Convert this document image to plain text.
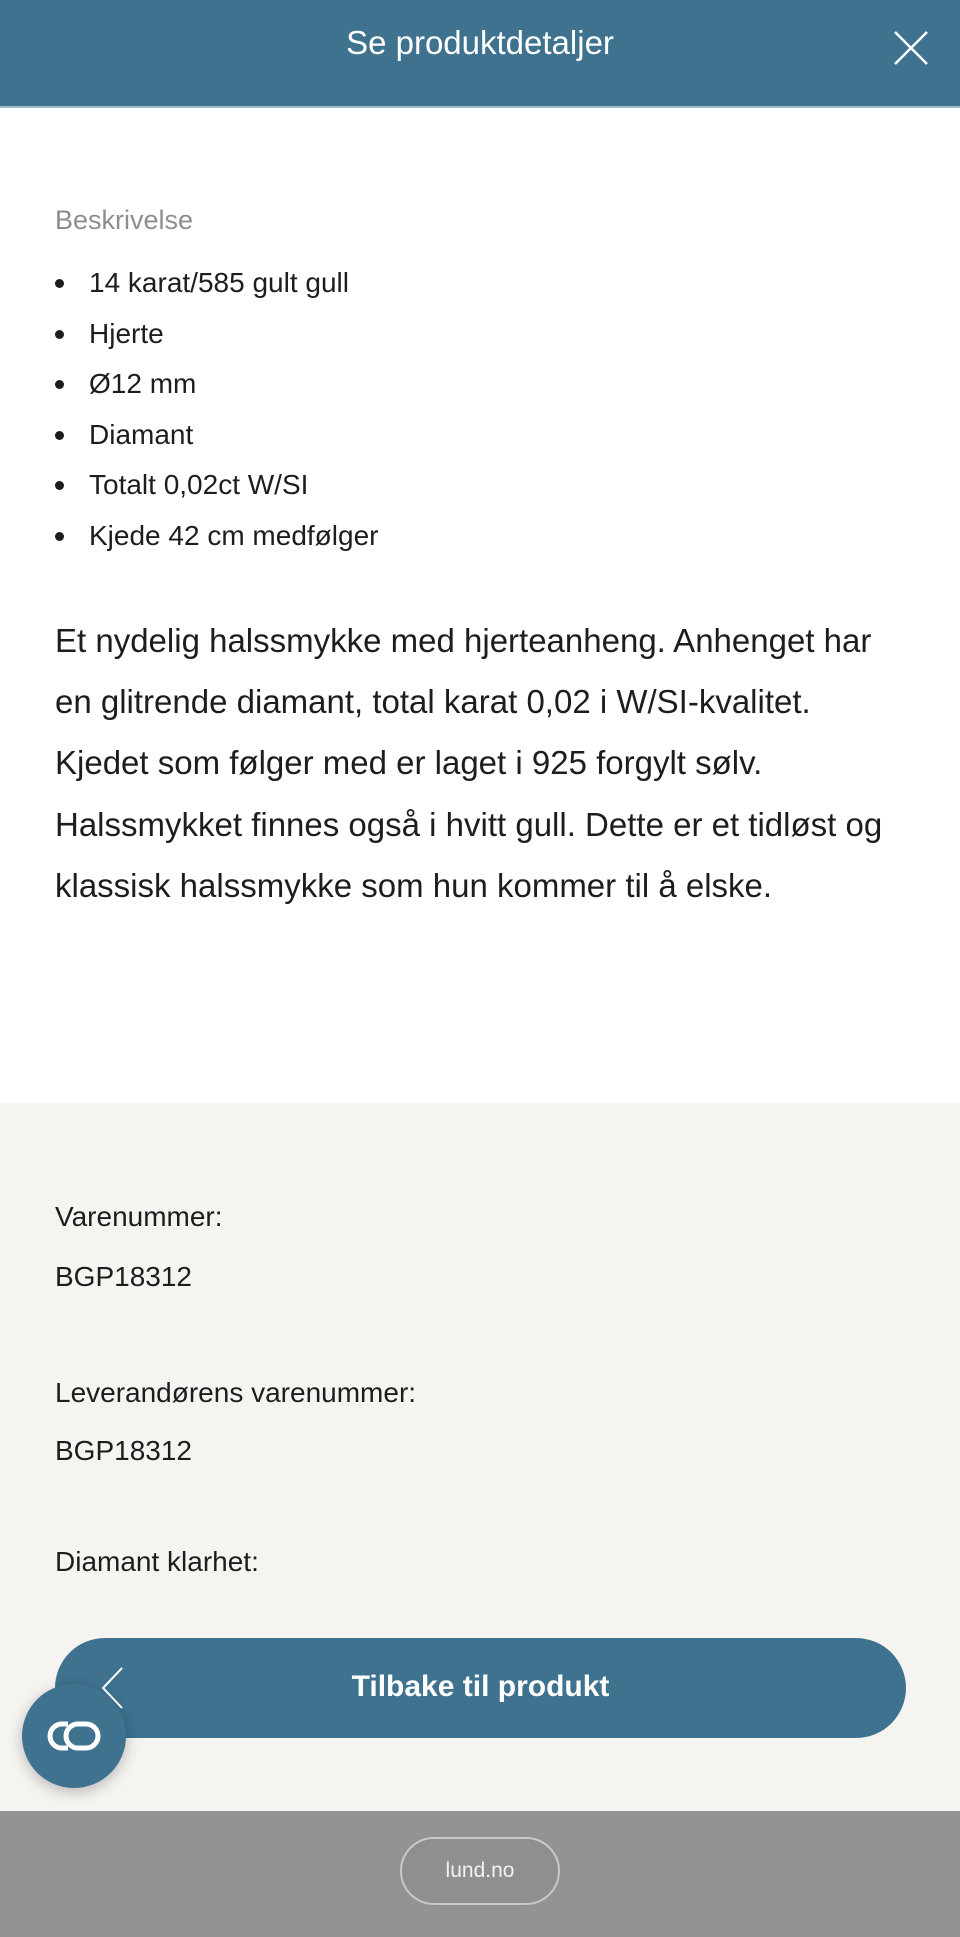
Se produktdetaljer
Beskrivelse
14 karat/585 gult gull
Hjerte
Ø12 mm
Diamant
Totalt 0,02ct W/SI
Kjede 42 cm medfølger
Et nydelig halssmykke med hjerteanheng. Anhenget har en glitrende diamant, total karat 0,02 i W/SI-kvalitet. Kjedet som følger med er laget i 925 forgylt sølv. Halssmykket finnes også i hvitt gull. Dette er et tidløst og klassisk halssmykke som hun kommer til å elske.
Varenummer:
BGP18312
Leverandørens varenummer:
BGP18312
Diamant klarhet:
Tilbake til produkt
lund.no
